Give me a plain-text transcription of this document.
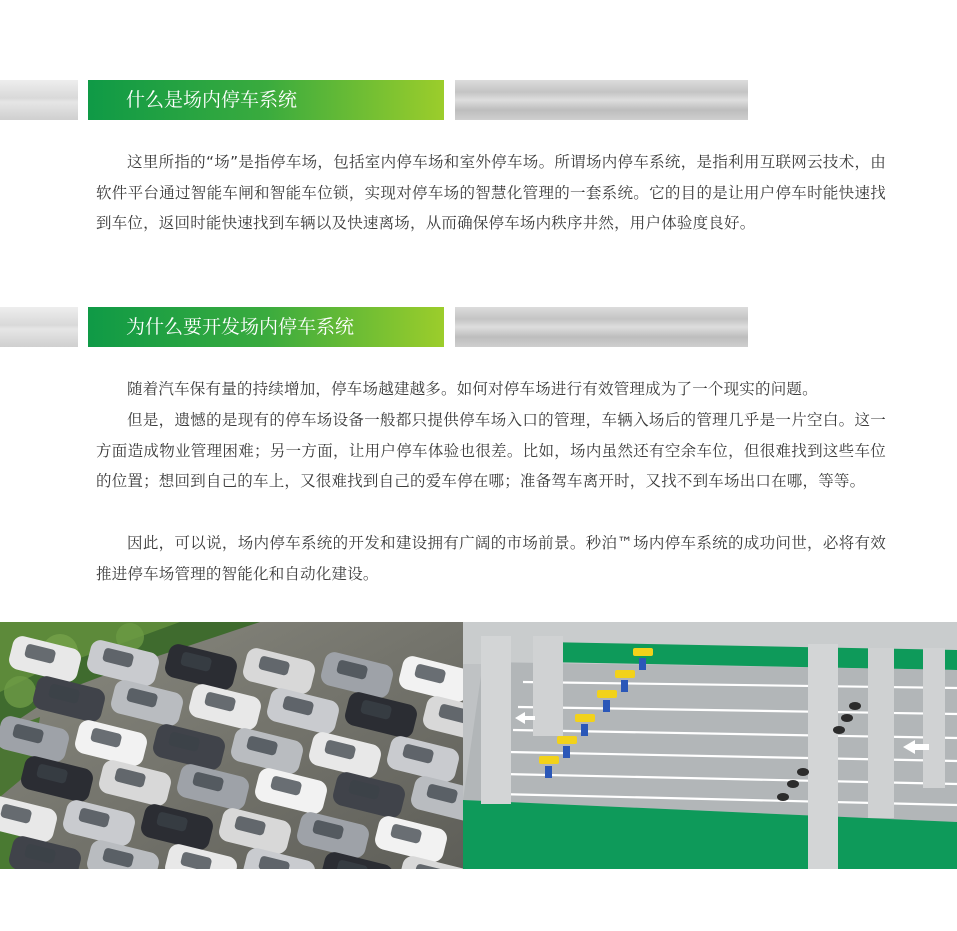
什么是场内停车系统

这里所指的“场”是指停车场，包括室内停车场和室外停车场。所谓场内停车系统，是指利用互联网云技术，由软件平台通过智能车闸和智能车位锁，实现对停车场的智慧化管理的一套系统。它的目的是让用户停车时能快速找到车位，返回时能快速找到车辆以及快速离场，从而确保停车场内秩序井然，用户体验度良好。

为什么要开发场内停车系统

随着汽车保有量的持续增加，停车场越建越多。如何对停车场进行有效管理成为了一个现实的问题。

但是，遗憾的是现有的停车场设备一般都只提供停车场入口的管理，车辆入场后的管理几乎是一片空白。这一方面造成物业管理困难；另一方面，让用户停车体验也很差。比如，场内虽然还有空余车位，但很难找到这些车位的位置；想回到自己的车上，又很难找到自己的爱车停在哪；准备驾车离开时，又找不到车场出口在哪，等等。

因此，可以说，场内停车系统的开发和建设拥有广阔的市场前景。秒泊™场内停车系统的成功问世，必将有效推进停车场管理的智能化和自动化建设。
